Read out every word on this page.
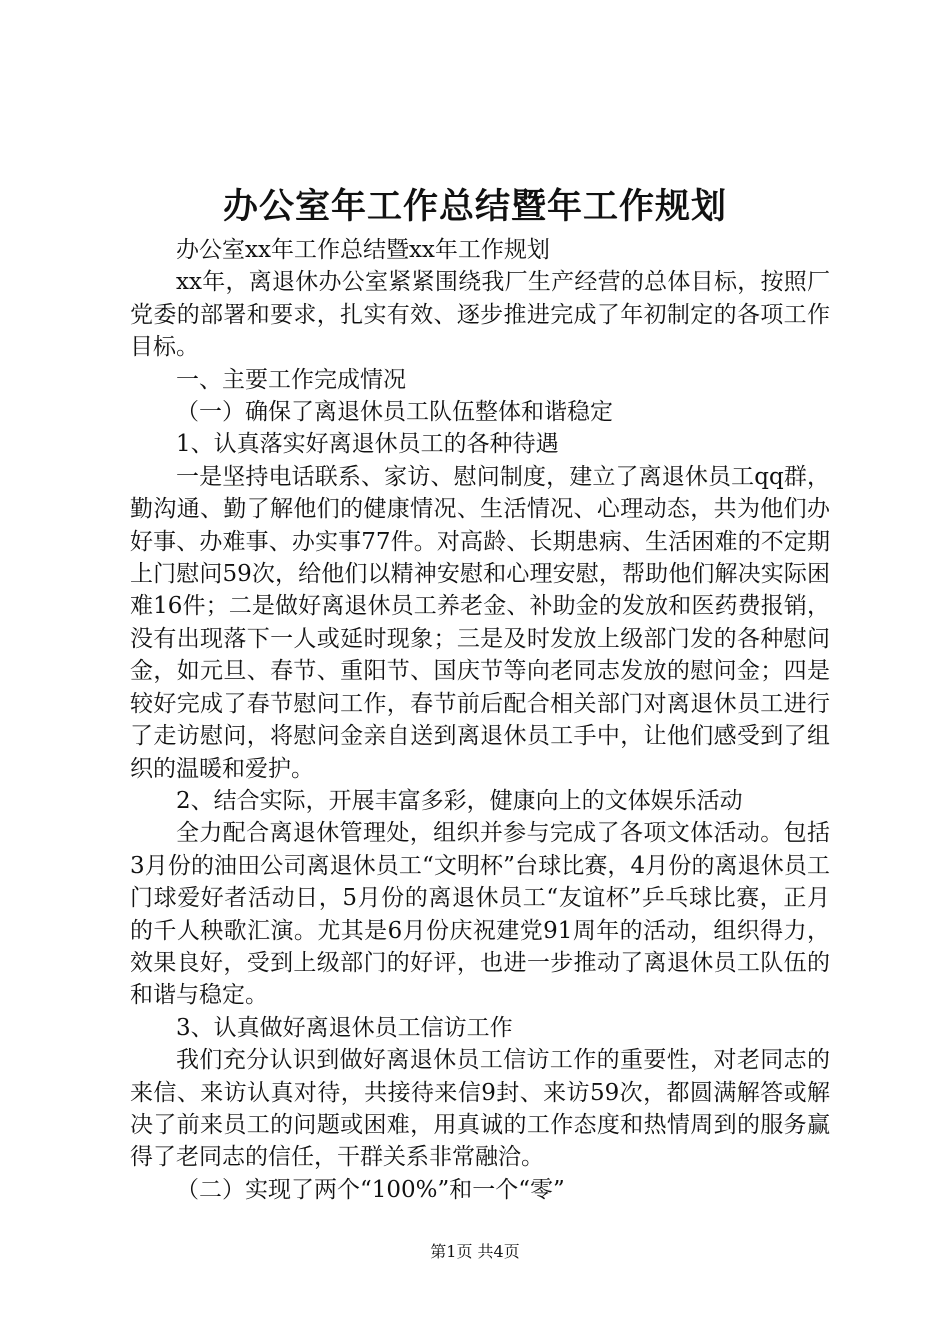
办公室年工作总结暨年工作规划

办公室xx年工作总结暨xx年工作规划

xx年，离退休办公室紧紧围绕我厂生产经营的总体目标，按照厂党委的部署和要求，扎实有效、逐步推进完成了年初制定的各项工作目标。

一、主要工作完成情况

（一）确保了离退休员工队伍整体和谐稳定

1、认真落实好离退休员工的各种待遇

一是坚持电话联系、家访、慰问制度，建立了离退休员工qq群，勤沟通、勤了解他们的健康情况、生活情况、心理动态，共为他们办好事、办难事、办实事77件。对高龄、长期患病、生活困难的不定期上门慰问59次，给他们以精神安慰和心理安慰，帮助他们解决实际困难16件；二是做好离退休员工养老金、补助金的发放和医药费报销，没有出现落下一人或延时现象；三是及时发放上级部门发的各种慰问金，如元旦、春节、重阳节、国庆节等向老同志发放的慰问金；四是较好完成了春节慰问工作，春节前后配合相关部门对离退休员工进行了走访慰问，将慰问金亲自送到离退休员工手中，让他们感受到了组织的温暖和爱护。

2、结合实际，开展丰富多彩，健康向上的文体娱乐活动

全力配合离退休管理处，组织并参与完成了各项文体活动。包括3月份的油田公司离退休员工“文明杯”台球比赛，4月份的离退休员工门球爱好者活动日，5月份的离退休员工“友谊杯”乒乓球比赛，正月的千人秧歌汇演。尤其是6月份庆祝建党91周年的活动，组织得力，效果良好，受到上级部门的好评，也进一步推动了离退休员工队伍的和谐与稳定。

3、认真做好离退休员工信访工作

我们充分认识到做好离退休员工信访工作的重要性，对老同志的来信、来访认真对待，共接待来信9封、来访59次，都圆满解答或解决了前来员工的问题或困难，用真诚的工作态度和热情周到的服务赢得了老同志的信任，干群关系非常融洽。

（二）实现了两个“100%”和一个“零”

第1页 共4页
